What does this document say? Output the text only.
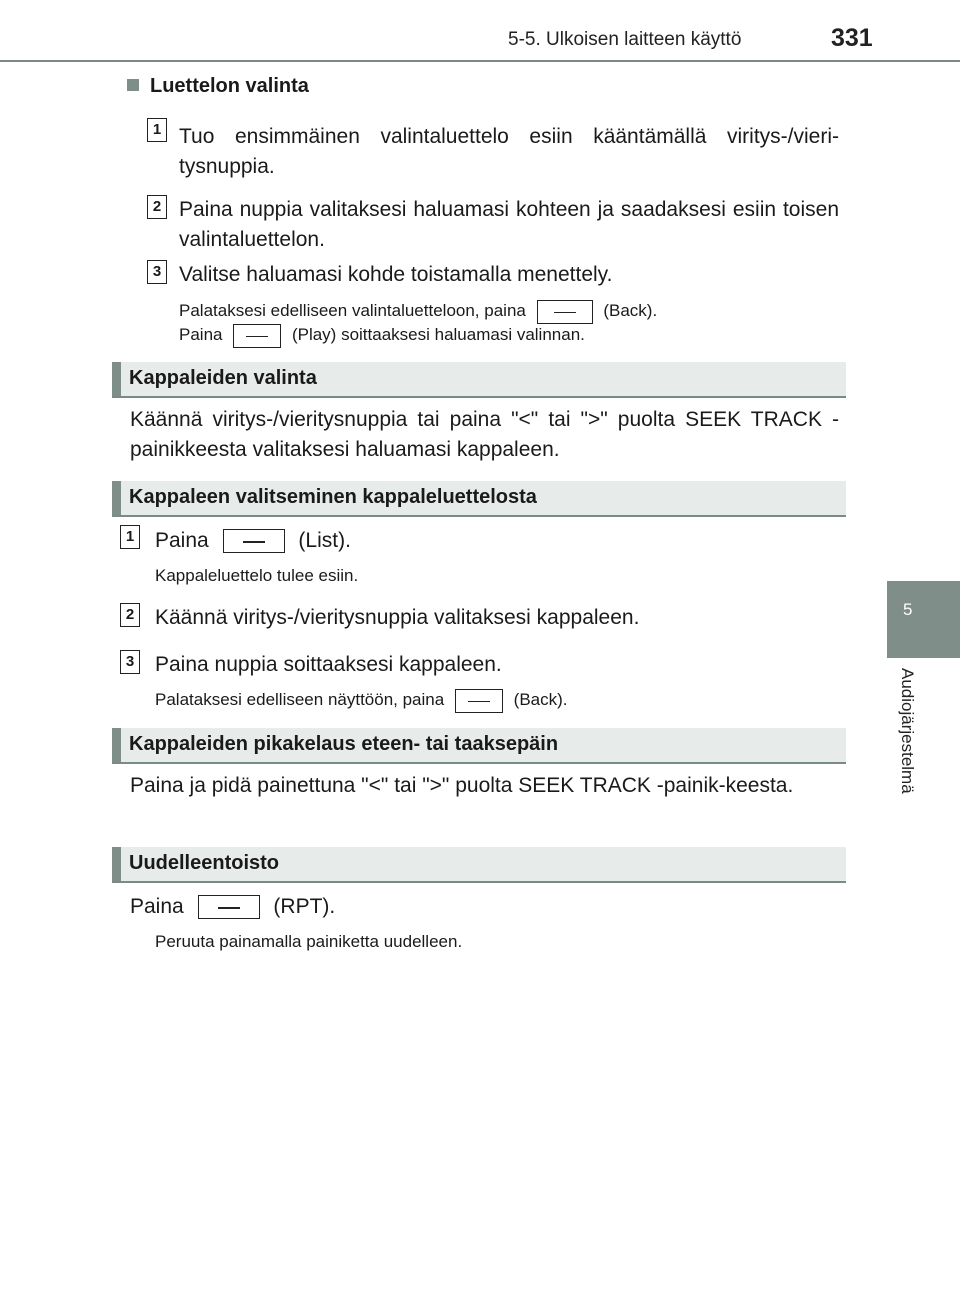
5-5. Ulkoisen laitteen käyttö	331
5
Audiojärjestelmä
Luettelon valinta
1 Tuo ensimmäinen valintaluettelo esiin kääntämällä viritys-/vieri-tysnuppia.
2 Paina nuppia valitaksesi haluamasi kohteen ja saadaksesi esiin toisen valintaluettelon.
3 Valitse haluamasi kohde toistamalla menettely.
Palataksesi edelliseen valintaluetteloon, paina	(Back).
Paina	(Play) soittaaksesi haluamasi valinnan.
Kappaleiden valinta
Käännä viritys-/vieritysnuppia tai paina "<" tai ">" puolta SEEK TRACK -painikkeesta valitaksesi haluamasi kappaleen.
Kappaleen valitseminen kappaleluettelosta
1 Paina	(List).
Kappaleluettelo tulee esiin.
2 Käännä viritys-/vieritysnuppia valitaksesi kappaleen.
3 Paina nuppia soittaaksesi kappaleen.
Palataksesi edelliseen näyttöön, paina	(Back).
Kappaleiden pikakelaus eteen- tai taaksepäin
Paina ja pidä painettuna "<" tai ">" puolta SEEK TRACK -painik-keesta.
Uudelleentoisto
Paina	(RPT).
Peruuta painamalla painiketta uudelleen.
